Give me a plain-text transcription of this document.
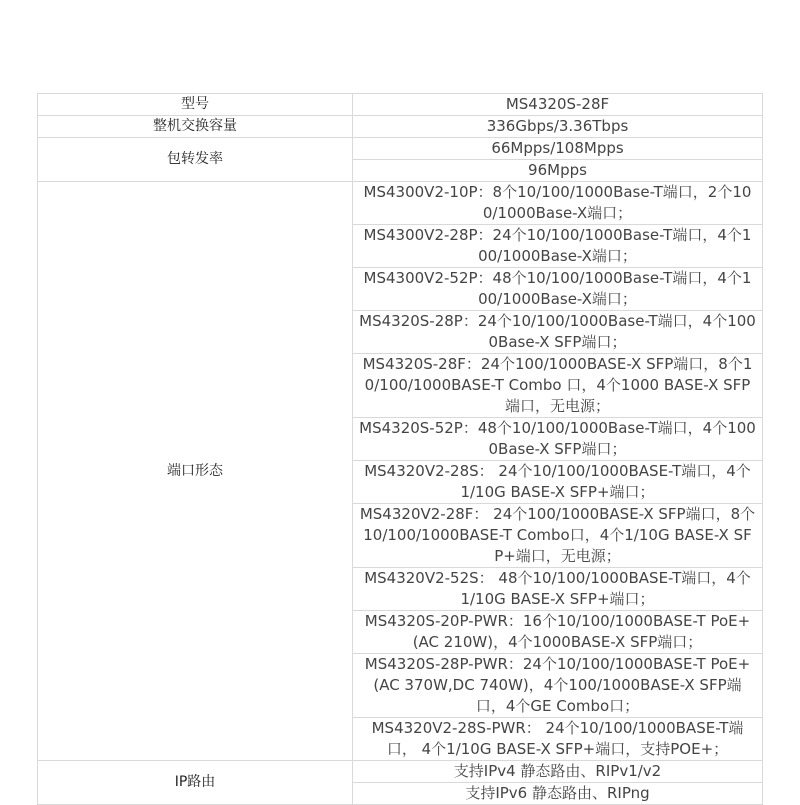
型号	MS4320S-28F
整机交换容量	336Gbps/3.36Tbps
包转发率	66Mpps/108Mpps
	96Mpps
端口形态	MS4300V2-10P：8个10/100/1000Base-T端口，2个100/1000Base-X端口；
	MS4300V2-28P：24个10/100/1000Base-T端口，4个100/1000Base-X端口；
	MS4300V2-52P：48个10/100/1000Base-T端口，4个100/1000Base-X端口；
	MS4320S-28P：24个10/100/1000Base-T端口，4个1000Base-X SFP端口；
	MS4320S-28F：24个100/1000BASE-X SFP端口，8个10/100/1000BASE-T Combo 口，4个1000 BASE-X SFP端口，无电源；
	MS4320S-52P：48个10/100/1000Base-T端口，4个1000Base-X SFP端口；
	MS4320V2-28S： 24个10/100/1000BASE-T端口，4个1/10G BASE-X SFP+端口；
	MS4320V2-28F： 24个100/1000BASE-X SFP端口，8个10/100/1000BASE-T Combo口，4个1/10G BASE-X SFP+端口，无电源；
	MS4320V2-52S： 48个10/100/1000BASE-T端口，4个1/10G BASE-X SFP+端口；
	MS4320S-20P-PWR：16个10/100/1000BASE-T PoE+(AC 210W)，4个1000BASE-X SFP端口；
	MS4320S-28P-PWR：24个10/100/1000BASE-T PoE+(AC 370W,DC 740W)，4个100/1000BASE-X SFP端口，4个GE Combo口；
	MS4320V2-28S-PWR： 24个10/100/1000BASE-T端口， 4个1/10G BASE-X SFP+端口，支持POE+；
IP路由	支持IPv4 静态路由、RIPv1/v2
	支持IPv6 静态路由、RIPng
